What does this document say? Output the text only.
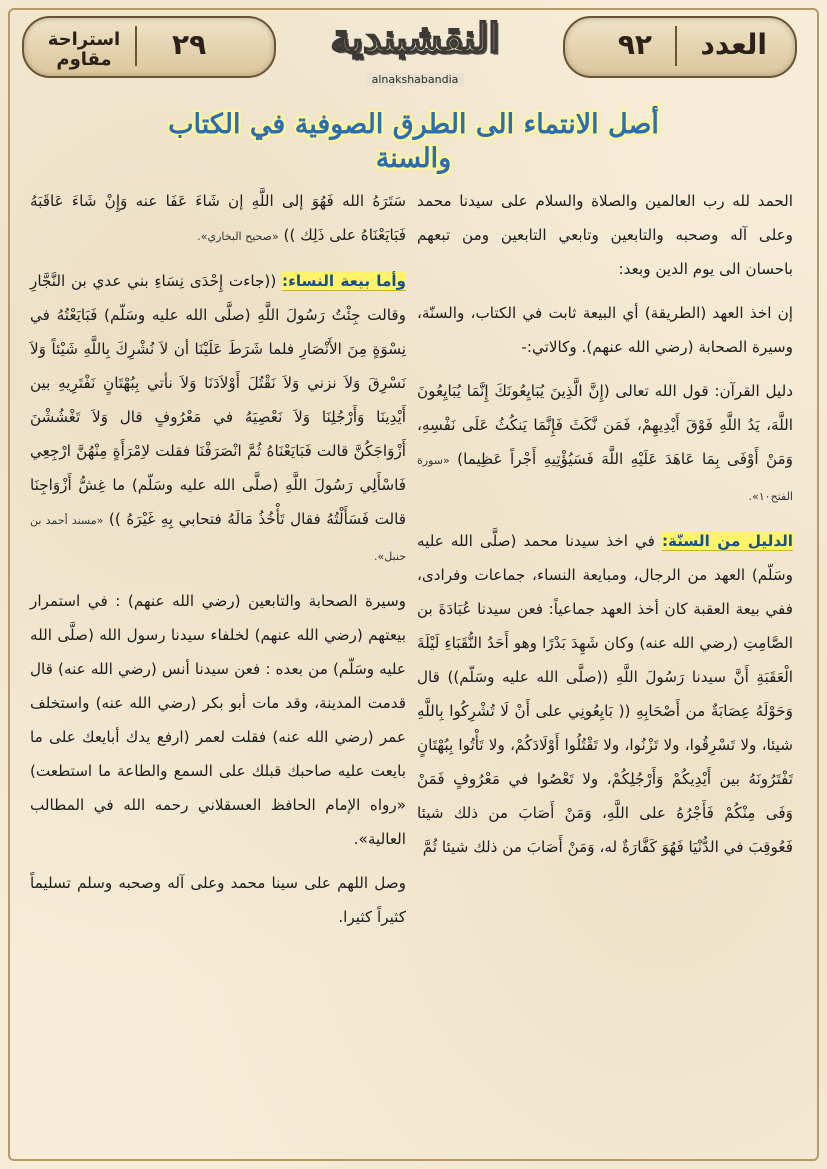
العدد
٩٢
٢٩
استراحة مقاوم	النقشبندية
alnakshabandia
أصل الانتماء الى الطرق الصوفية في الكتاب والسنة

الحمد لله رب العالمين والصلاة والسلام على سيدنا محمد وعلى آله وصحبه والتابعين وتابعي التابعين ومن تبعهم باحسان الى يوم الدين وبعد:

إن اخذ العهد (الطريقة) أي البيعة ثابت في الكتاب، والسنّة، وسيرة الصحابة (رضي الله عنهم). وكالاتي:-

دليل القرآن: قول الله تعالى (إِنَّ الَّذِينَ يُبَايِعُونَكَ إِنَّمَا يُبَايِعُونَ اللَّهَ، يَدُ اللَّهِ فَوْقَ أَيْدِيهِمْ، فَمَن نَّكَثَ فَإِنَّمَا يَنكُثُ عَلَى نَفْسِهِ، وَمَنْ أَوْفَى بِمَا عَاهَدَ عَلَيْهِ اللَّهَ فَسَيُؤْتِيهِ أَجْراً عَظِيما) «سورة الفتح١٠».

الدليل من السنّة: في اخذ سيدنا محمد (صلَّى الله عليه وسَلّم) العهد من الرجال، ومبايعة النساء، جماعات وفرادى، ففي بيعة العقبة كان أخذ العهد جماعياً: فعن سيدنا عُبَادَةَ بن الصَّامِتِ (رضي الله عنه) وكان شَهِدَ بَدْرًا وهو أَحَدُ النُّقَبَاءِ لَيْلَةَ الْعَقَبَةِ أَنَّ سيدنا رَسُولَ اللَّهِ ((صلَّى الله عليه وسَلّم)) قال وَحَوْلَهُ عِصَابَةٌ من أَصْحَابِهِ (( بَايِعُونِي على أَنْ لَا تُشْرِكُوا بِاللَّهِ شيئا، ولا تَسْرِقُوا، ولا تَزْنُوا، ولا تَقْتُلُوا أَوْلَادَكُمْ، ولا تَأْتُوا بِبُهْتَانٍ تَفْتَرُونَهُ بين أَيْدِيكُمْ وَأَرْجُلِكُمْ، ولا تَعْصُوا في مَعْرُوفٍ فَمَنْ وَفَى مِنْكُمْ فَأَجْرُهُ على اللَّهِ، وَمَنْ أَصَابَ من ذلك شيئا فَعُوقِبَ في الدُّنْيَا فَهُوَ كَفَّارَةٌ له، وَمَنْ أَصَابَ من ذلك شيئا ثُمَّ

سَتَرَهُ الله فَهُوَ إلى اللَّهِ إن شَاءَ عَفَا عنه وَإِنْ شَاءَ عَاقَبَهُ فَبَايَعْنَاهُ على ذَلِك )) «صحيح البخاري».

وأما بيعة النساء: ((جاءت إِحْدَى نِسَاءِ بني عدي بن النَّجَّارِ وقالت جِئْتُ رَسُولَ اللَّهِ (صلَّى الله عليه وسَلّم) فَبَايَعْتُهُ في نِسْوَةٍ مِنَ الأَنْصَارِ فلما شَرَطَ عَلَيْنَا أن لاَ نُشْرِكَ بِاللَّهِ شَيْئاً وَلاَ نَسْرِقَ وَلاَ نزني وَلاَ نَقْتُلَ أَوْلاَدَنَا وَلاَ نأتي بِبُهْتَانٍ نَفْتَرِيهِ بين أَيْدِينَا وَأَرْجُلِنَا وَلاَ نَعْصِيَهُ في مَعْرُوفٍ قال وَلاَ تَغْشُشْنَ أَزْوَاجَكُنَّ قالت فَبَايَعْنَاهُ ثُمَّ انْصَرَفْنَا فقلت لاِمْرَأَةٍ مِنْهُنَّ ارْجِعِي فَاسْأَلِي رَسُولَ اللَّهِ (صلَّى الله عليه وسَلّم) ما غِشُّ أَزْوَاجِنَا قالت فَسَأَلْتُهُ فقال تَأْخُذُ مَالَهُ فتحابي بِهِ غَيْرَهُ )) «مسند أحمد بن حنبل».

وسيرة الصحابة والتابعين (رضي الله عنهم) : في استمرار بيعتهم (رضي الله عنهم) لخلفاء سيدنا رسول الله (صلَّى الله عليه وسَلّم) من بعده : فعن سيدنا أنس (رضي الله عنه) قال قدمت المدينة، وقد مات أبو بكر (رضي الله عنه) واستخلف عمر (رضي الله عنه) فقلت لعمر (ارفع يدك أبايعك على ما بايعت عليه صاحبك قبلك على السمع والطاعة ما استطعت) «رواه الإمام الحافظ العسقلاني رحمه الله في المطالب العالية».

وصل اللهم على سينا محمد وعلى آله وصحبه وسلم تسليماً كثيراً كثيرا.
